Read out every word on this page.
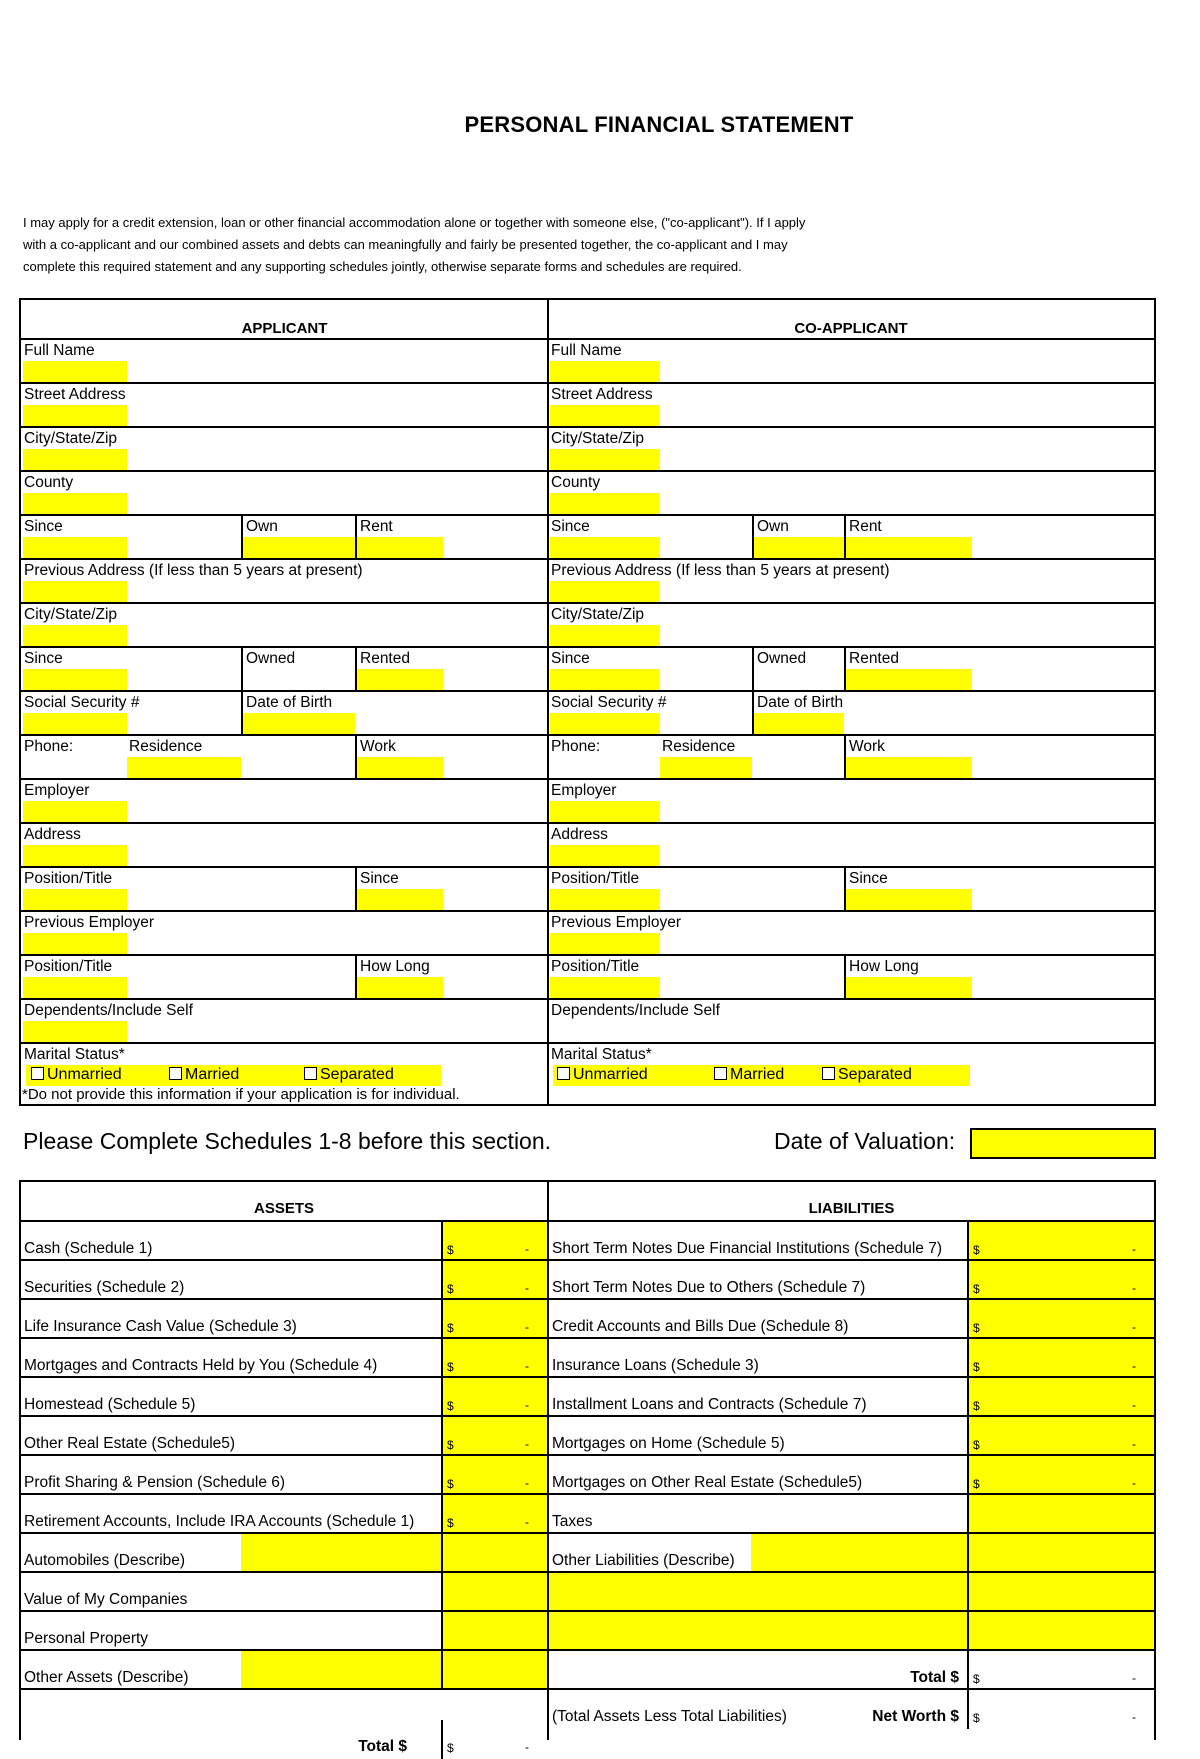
PERSONAL FINANCIAL STATEMENT
I may apply for a credit extension, loan or other financial accommodation alone or together with someone else, ("co-applicant"). If I apply
with a co-applicant and our combined assets and debts can meaningfully and fairly be presented together, the co-applicant and I may
complete this required statement and any supporting schedules jointly, otherwise separate forms and schedules are required.
APPLICANT
Full Name
Street Address
City/State/Zip
County
Since	Own	Rent
Previous Address (If less than 5 years at present)
City/State/Zip
Since	Owned	Rented
Social Security #	Date of Birth
Phone:	Residence	Work
Employer
Address
Position/Title	Since
Previous Employer
Position/Title	How Long
Dependents/Include Self
Marital Status*
Unmarried	Married	Separated
CO-APPLICANT
Full Name
Street Address
City/State/Zip
County
Since	Own	Rent
Previous Address (If less than 5 years at present)
City/State/Zip
Since	Owned	Rented
Social Security #	Date of Birth
Phone:	Residence	Work
Employer
Address
Position/Title	Since
Previous Employer
Position/Title	How Long
Dependents/Include Self
Marital Status*
Unmarried	Married	Separated
*Do not provide this information if your application is for individual.
Please Complete Schedules 1-8 before this section.	Date of Valuation:
ASSETS	LIABILITIES
Cash (Schedule 1)	$	-
Securities (Schedule 2)	$	-
Life Insurance Cash Value (Schedule 3)	$	-
Mortgages and Contracts Held by You (Schedule 4)	$	-
Homestead (Schedule 5)	$	-
Other Real Estate (Schedule5)	$	-
Profit Sharing & Pension (Schedule 6)	$	-
Retirement Accounts, Include IRA Accounts (Schedule 1)	$	-
Automobiles (Describe)
Value of My Companies
Personal Property
Other Assets (Describe)
Short Term Notes Due Financial Institutions (Schedule 7)	$	-
Short Term Notes Due to Others (Schedule 7)	$	-
Credit Accounts and Bills Due (Schedule 8)	$	-
Insurance Loans (Schedule 3)	$	-
Installment Loans and Contracts (Schedule 7)	$	-
Mortgages on Home (Schedule 5)	$	-
Mortgages on Other Real Estate (Schedule5)	$	-
Taxes
Other Liabilities (Describe)
Total $ $	-
(Total Assets Less Total Liabilities)	Net Worth $ $	-
Total $	$	-
